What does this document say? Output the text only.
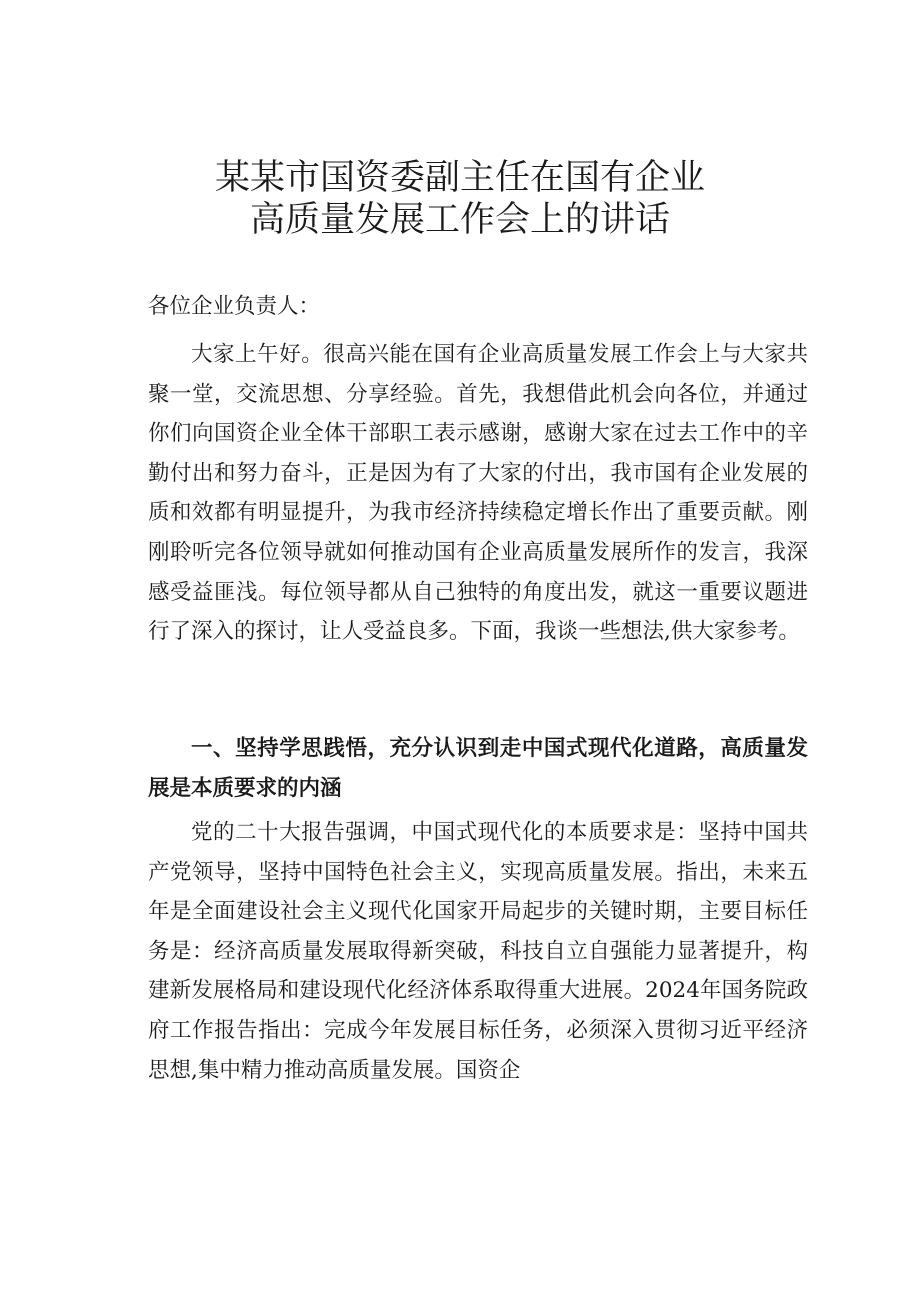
某某市国资委副主任在国有企业
高质量发展工作会上的讲话

各位企业负责人：

大家上午好。很高兴能在国有企业高质量发展工作会上与大家共聚一堂，交流思想、分享经验。首先，我想借此机会向各位，并通过你们向国资企业全体干部职工表示感谢，感谢大家在过去工作中的辛勤付出和努力奋斗，正是因为有了大家的付出，我市国有企业发展的质和效都有明显提升，为我市经济持续稳定增长作出了重要贡献。刚刚聆听完各位领导就如何推动国有企业高质量发展所作的发言，我深感受益匪浅。每位领导都从自己独特的角度出发，就这一重要议题进行了深入的探讨，让人受益良多。下面，我谈一些想法,供大家参考。

一、坚持学思践悟，充分认识到走中国式现代化道路，高质量发展是本质要求的内涵

党的二十大报告强调，中国式现代化的本质要求是：坚持中国共产党领导，坚持中国特色社会主义，实现高质量发展。指出，未来五年是全面建设社会主义现代化国家开局起步的关键时期，主要目标任务是：经济高质量发展取得新突破，科技自立自强能力显著提升，构建新发展格局和建设现代化经济体系取得重大进展。2024年国务院政府工作报告指出：完成今年发展目标任务，必须深入贯彻习近平经济思想,集中精力推动高质量发展。国资企
